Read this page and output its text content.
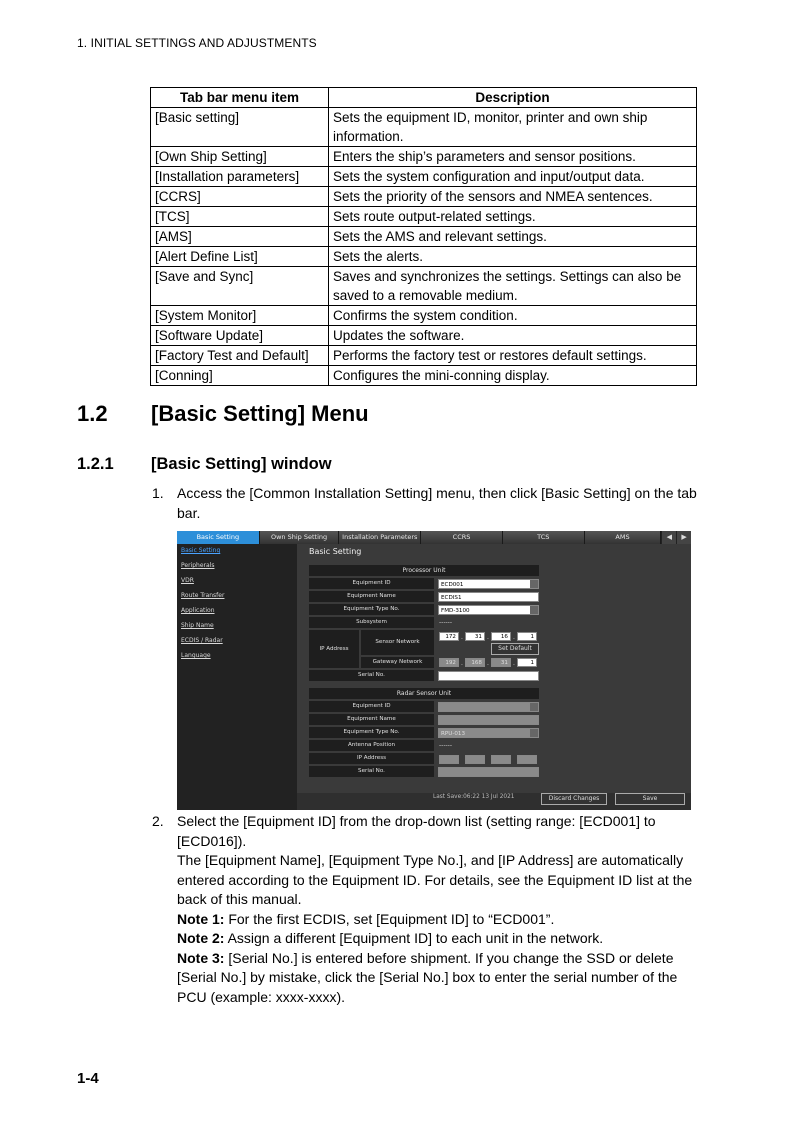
1. INITIAL SETTINGS AND ADJUSTMENTS
Tab bar menu item	Description
[Basic setting]	Sets the equipment ID, monitor, printer and own ship information.
[Own Ship Setting]	Enters the ship’s parameters and sensor positions.
[Installation parameters]	Sets the system configuration and input/output data.
[CCRS]	Sets the priority of the sensors and NMEA sentences.
[TCS]	Sets route output-related settings.
[AMS]	Sets the AMS and relevant settings.
[Alert Define List]	Sets the alerts.
[Save and Sync]	Saves and synchronizes the settings. Settings can also be saved to a removable medium.
[System Monitor]	Confirms the system condition.
[Software Update]	Updates the software.
[Factory Test and Default]	Performs the factory test or restores default settings.
[Conning]	Configures the mini-conning display.
1.2 [Basic Setting] Menu
1.2.1 [Basic Setting] window
1. Access the [Common Installation Setting] menu, then click [Basic Setting] on the tab bar.
Basic Setting	Own Ship Setting	Installation Parameters	CCRS	TCS	AMS	◀	▶
Basic Setting
Peripherals
VDR
Route Transfer
Application
Ship Name
ECDIS / Radar
Language
Basic Setting
Processor Unit
Equipment ID	ECD001
Equipment Name	ECDIS1
Equipment Type No.	FMD-3100
Subsystem	------
IP Address
Sensor Network
172 .	31 .	16 .	1
Set Default
Gateway Network	192 .	168 .	31 .	1
Serial No.
Radar Sensor Unit
Equipment ID
Equipment Name
Equipment Type No.	RPU-013
Antenna Position	------
IP Address
Serial No.
Last Save:06:22 13 Jul 2021	Discard Changes	Save
2. Select the [Equipment ID] from the drop-down list (setting range: [ECD001] to [ECD016]).

The [Equipment Name], [Equipment Type No.], and [IP Address] are automatically entered according to the Equipment ID. For details, see the Equipment ID list at the back of this manual.

Note 1: For the first ECDIS, set [Equipment ID] to “ECD001”.

Note 2: Assign a different [Equipment ID] to each unit in the network.

Note 3: [Serial No.] is entered before shipment. If you change the SSD or delete [Serial No.] by mistake, click the [Serial No.] box to enter the serial number of the PCU (example: xxxx-xxxx).

1-4
